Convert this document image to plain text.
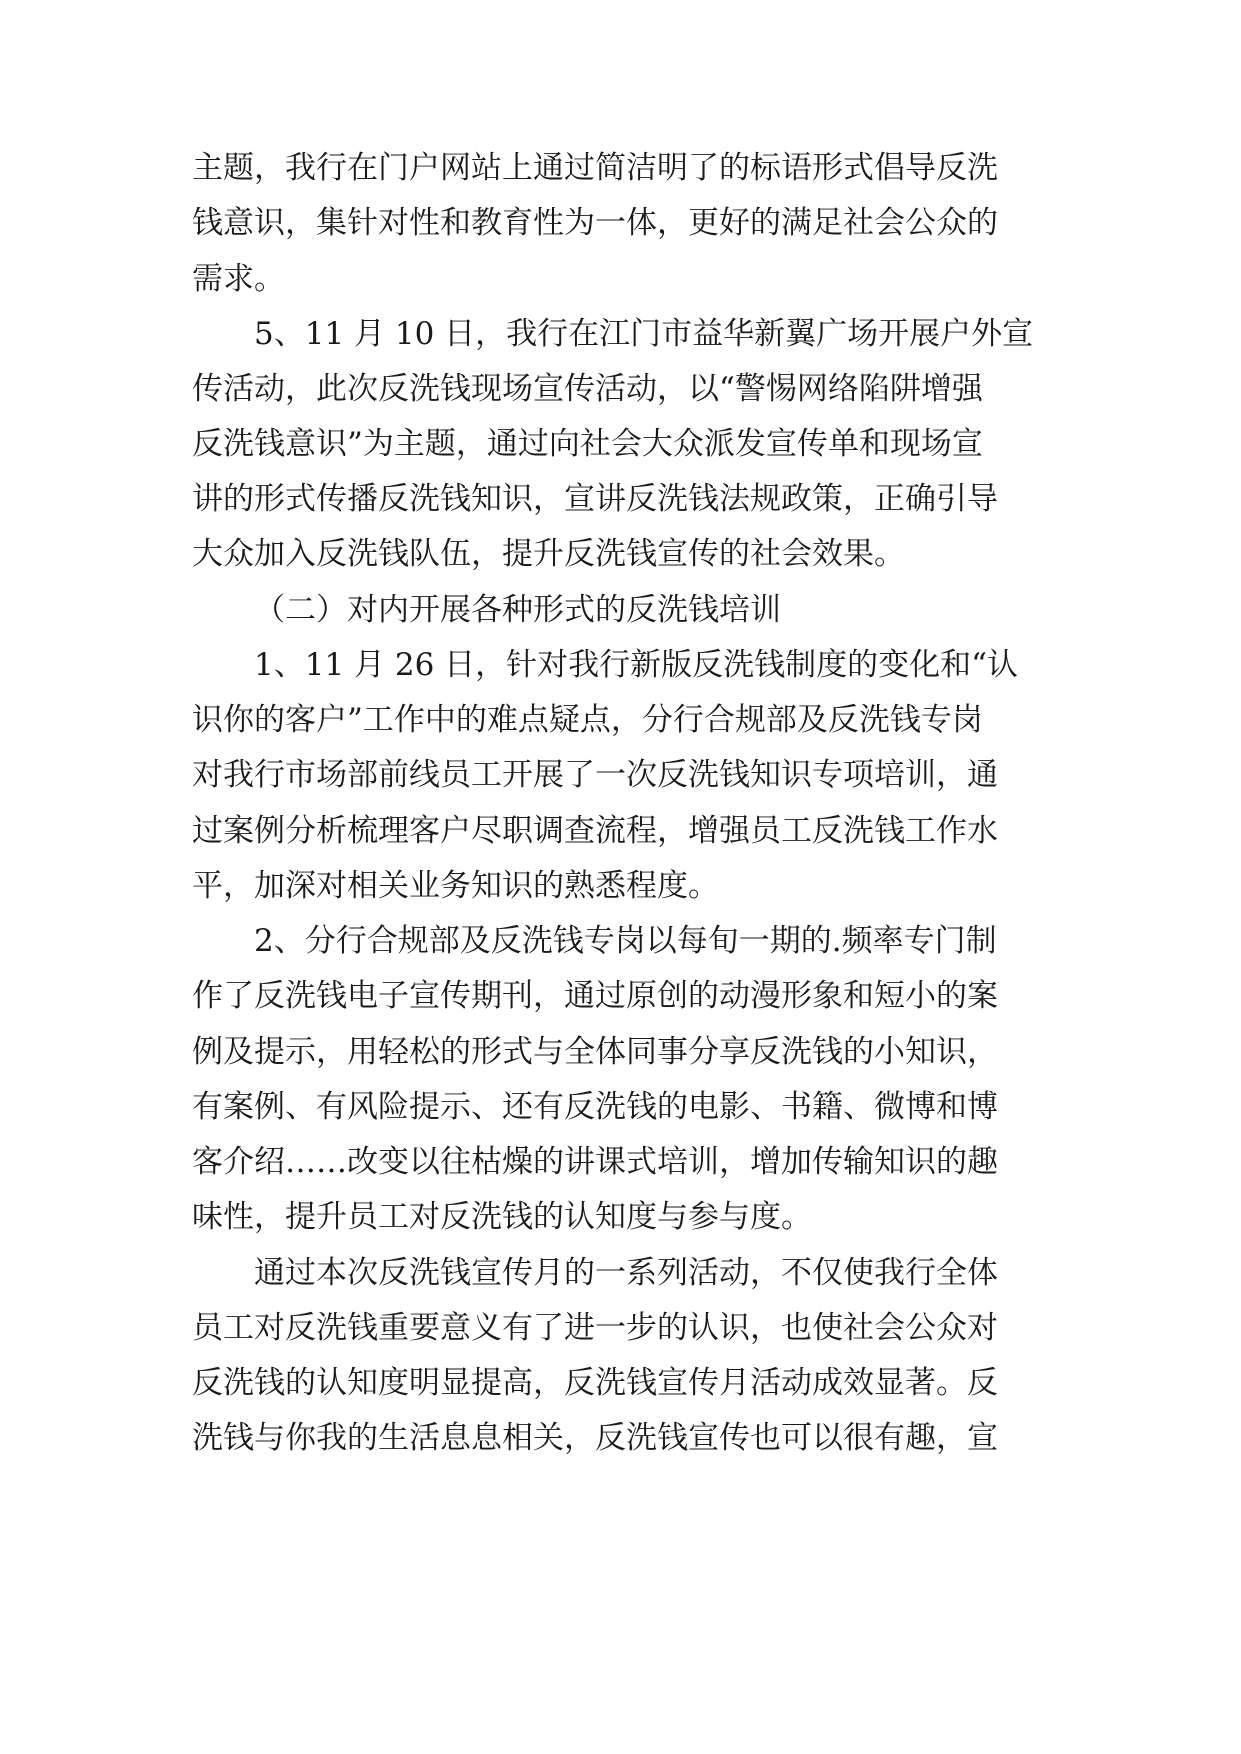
主题，我行在门户网站上通过简洁明了的标语形式倡导反洗

钱意识，集针对性和教育性为一体，更好的满足社会公众的

需求。

5、11 月 10 日，我行在江门市益华新翼广场开展户外宣

传活动，此次反洗钱现场宣传活动，以“警惕网络陷阱增强

反洗钱意识”为主题，通过向社会大众派发宣传单和现场宣

讲的形式传播反洗钱知识，宣讲反洗钱法规政策，正确引导

大众加入反洗钱队伍，提升反洗钱宣传的社会效果。

（二）对内开展各种形式的反洗钱培训

1、11 月 26 日，针对我行新版反洗钱制度的变化和“认

识你的客户”工作中的难点疑点，分行合规部及反洗钱专岗

对我行市场部前线员工开展了一次反洗钱知识专项培训，通

过案例分析梳理客户尽职调查流程，增强员工反洗钱工作水

平，加深对相关业务知识的熟悉程度。

2、分行合规部及反洗钱专岗以每旬一期的.频率专门制

作了反洗钱电子宣传期刊，通过原创的动漫形象和短小的案

例及提示，用轻松的形式与全体同事分享反洗钱的小知识，

有案例、有风险提示、还有反洗钱的电影、书籍、微博和博

客介绍……改变以往枯燥的讲课式培训，增加传输知识的趣

味性，提升员工对反洗钱的认知度与参与度。

通过本次反洗钱宣传月的一系列活动，不仅使我行全体

员工对反洗钱重要意义有了进一步的认识，也使社会公众对

反洗钱的认知度明显提高，反洗钱宣传月活动成效显著。反

洗钱与你我的生活息息相关，反洗钱宣传也可以很有趣，宣
